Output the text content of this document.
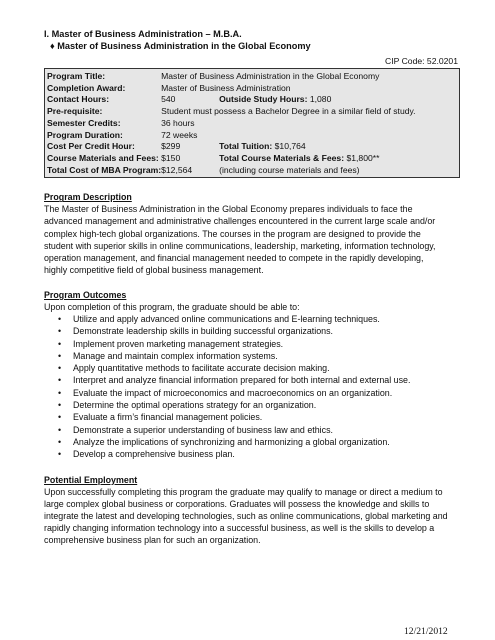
I. Master of Business Administration – M.B.A.
♦ Master of Business Administration in the Global Economy
CIP Code: 52.0201
Program Title:	Master of Business Administration in the Global Economy	
Completion Award:	Master of Business Administration	
Contact Hours:	540	Outside Study Hours: 1,080
Pre-requisite:	Student must possess a Bachelor Degree in a similar field of study.	
Semester Credits:	36 hours	
Program Duration:	72 weeks	
Cost Per Credit Hour:	$299	Total Tuition: $10,764
Course Materials and Fees:	$150	Total Course Materials & Fees: $1,800**
Total Cost of MBA Program:	$12,564	(including course materials and fees)
Program Description
The Master of Business Administration in the Global Economy prepares individuals to face the
advanced management and administrative challenges encountered in the current large scale and/or
complex high-tech global organizations. The courses in the program are designed to provide the
student with superior skills in online communications, leadership, marketing, information technology,
operation management, and financial management needed to compete in the rapidly developing,
highly competitive field of global business management.
Program Outcomes
Upon completion of this program, the graduate should be able to:
• Utilize and apply advanced online communications and E-learning techniques.
• Demonstrate leadership skills in building successful organizations.
• Implement proven marketing management strategies.
• Manage and maintain complex information systems.
• Apply quantitative methods to facilitate accurate decision making.
• Interpret and analyze financial information prepared for both internal and external use.
• Evaluate the impact of microeconomics and macroeconomics on an organization.
• Determine the optimal operations strategy for an organization.
• Evaluate a firm’s financial management policies.
• Demonstrate a superior understanding of business law and ethics.
• Analyze the implications of synchronizing and harmonizing a global organization.
• Develop a comprehensive business plan.
Potential Employment
Upon successfully completing this program the graduate may qualify to manage or direct a medium to
large complex global business or corporations. Graduates will possess the knowledge and skills to
integrate the latest and developing technologies, such as online communications, global marketing and
rapidly changing information technology into a successful business, as well is the skills to develop a
comprehensive business plan for such an organization.
12/21/2012
